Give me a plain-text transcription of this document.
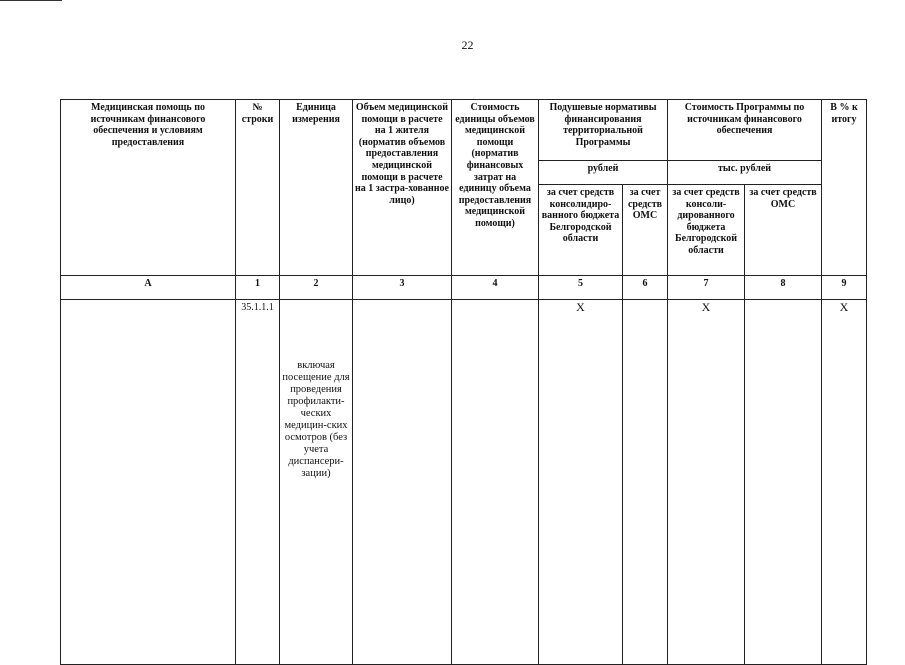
22
Медицинская помощь по источникам финансового обеспечения и условиям предоставления	№ строки	Единица измерения	Объем медицинской помощи в расчете на 1 жителя (норматив объемов предоставления медицинской помощи в расчете на 1 застра-хованное лицо)	Стоимость единицы объемов медицинской помощи (норматив финансовых затрат на единицу объема предоставления медицинской помощи)	Подушевые нормативы финансирования территориальной Программы		Стоимость Программы по источникам финансового обеспечения		В % к итогу
					рублей		тыс. рублей		
					за счет средств консолидиро-ванного бюджета Белгородской области	за счет средств ОМС	за счет средств консоли-дированного бюджета Белгородской области	за счет средств ОМС	
А	1	2	3	4	5	6	7	8	9
	35.1.1.1	включая посещение для проведения профилакти-ческих медицин-ских осмотров (без учета диспансери-зации)			X		X		X
